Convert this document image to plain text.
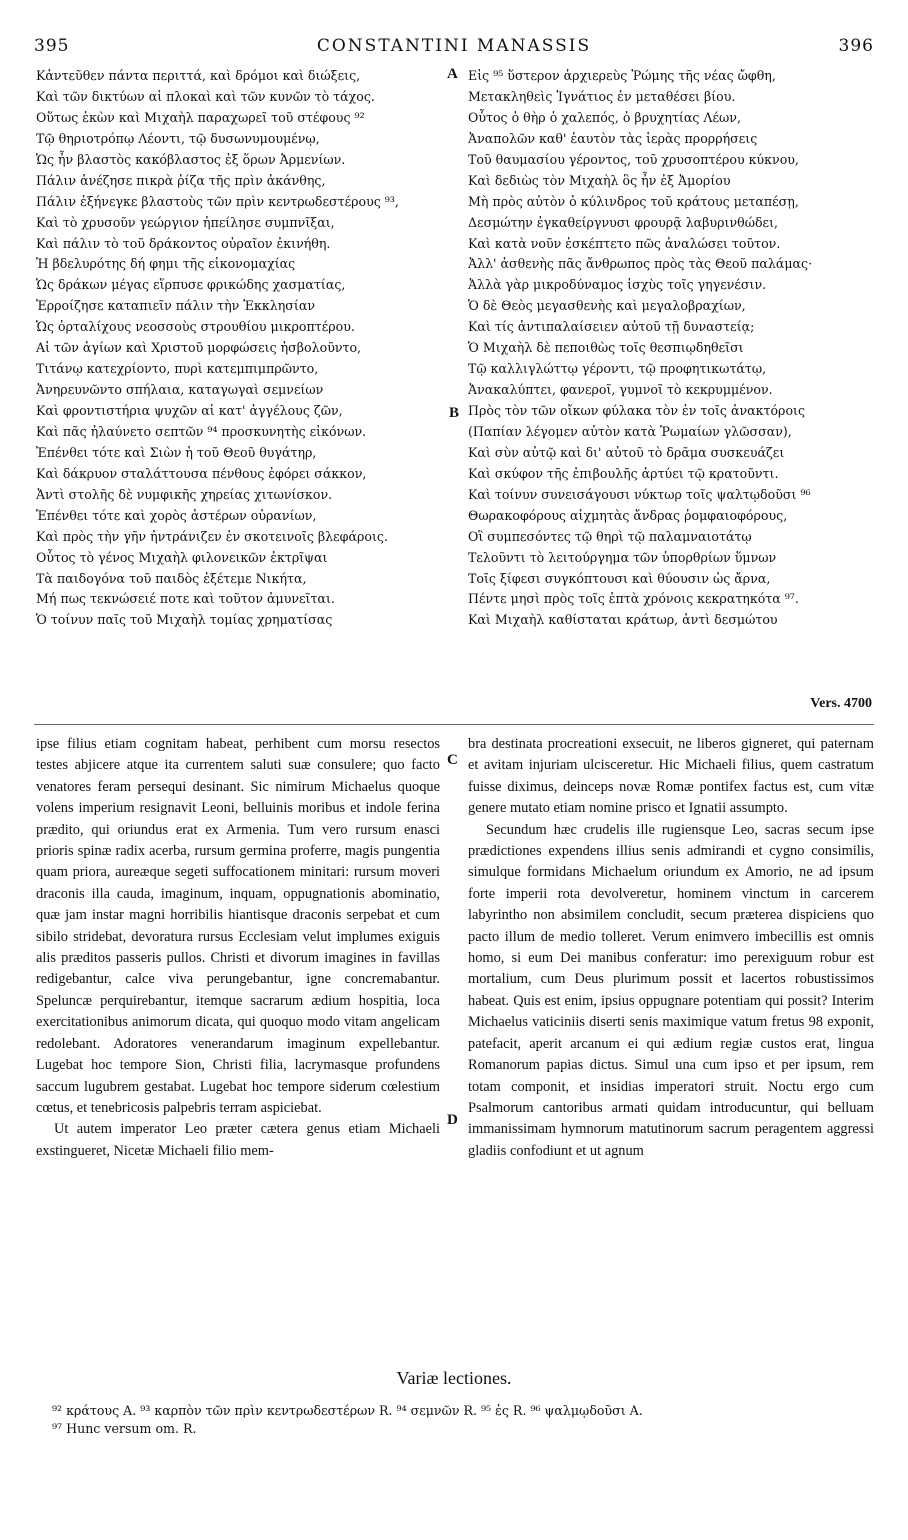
395	CONSTANTINI MANASSIS	396
Κἀντεῦθεν πάντα περιττά, καὶ δρόμοι καὶ διώξεις,
Καὶ τῶν δικτύων αἱ πλοκαὶ καὶ τῶν κυνῶν τὸ τάχος.
Οὕτως ἑκὼν καὶ Μιχαὴλ παραχωρεῖ τοῦ στέφους ⁹²
Τῷ θηριοτρόπῳ Λέοντι, τῷ δυσωνυμουμένῳ,
Ὡς ἦν βλαστὸς κακόβλαστος ἐξ ὅρων Ἀρμενίων.
Πάλιν ἀνέζησε πικρὰ ῥίζα τῆς πρὶν ἀκάνθης,
Πάλιν ἐξήνεγκε βλαστοὺς τῶν πρὶν κεντρωδεστέρους ⁹³,
Καὶ τὸ χρυσοῦν γεώργιον ἠπείλησε συμπνῖξαι,
Καὶ πάλιν τὸ τοῦ δράκοντος οὐραῖον ἐκινήθη.
Ἡ βδελυρότης δή φημι τῆς εἰκονομαχίας
Ὡς δράκων μέγας εἵρπυσε φρικώδης χασματίας,
Ἐρροίζησε καταπιεῖν πάλιν τὴν Ἐκκλησίαν
Ὡς ὀρταλίχους νεοσσοὺς στρουθίου μικροπτέρου.
Αἱ τῶν ἁγίων καὶ Χριστοῦ μορφώσεις ἠσβολοῦντο,
Τιτάνῳ κατεχρίοντο, πυρὶ κατεμπιμπρῶντο,
Ἀνηρευνῶντο σπήλαια, καταγωγαὶ σεμνείων
Καὶ φροντιστήρια ψυχῶν αἱ κατ' ἀγγέλους ζῶν,
Καὶ πᾶς ἠλαύνετο σεπτῶν ⁹⁴ προσκυνητὴς εἰκόνων.
Ἐπένθει τότε καὶ Σιὼν ἡ τοῦ Θεοῦ θυγάτηρ,
Καὶ δάκρυον σταλάττουσα πένθους ἐφόρει σάκκον,
Ἀντὶ στολῆς δὲ νυμφικῆς χηρείας χιτωνίσκον.
Ἐπένθει τότε καὶ χορὸς ἀστέρων οὐρανίων,
Καὶ πρὸς τὴν γῆν ἠντράνιζεν ἐν σκοτεινοῖς βλεφάροις.
Οὗτος τὸ γένος Μιχαὴλ φιλονεικῶν ἐκτρῖψαι
Τὰ παιδογόνα τοῦ παιδὸς ἐξέτεμε Νικήτα,
Μή πως τεκνώσειέ ποτε καὶ τοῦτον ἀμυνεῖται.
Ὁ τοίνυν παῖς τοῦ Μιχαὴλ τομίας χρηματίσας
Εἰς ⁹⁵ ὕστερον ἀρχιερεὺς Ῥώμης τῆς νέας ὤφθη,
Μετακληθεὶς Ἰγνάτιος ἐν μεταθέσει βίου.
Οὗτος ὁ θὴρ ὁ χαλεπός, ὁ βρυχητίας Λέων,
Ἀναπολῶν καθ' ἑαυτὸν τὰς ἱερὰς προρρήσεις
Τοῦ θαυμασίου γέροντος, τοῦ χρυσοπτέρου κύκνου,
Καὶ δεδιὼς τὸν Μιχαὴλ ὃς ἦν ἐξ Ἀμορίου
Μὴ πρὸς αὐτὸν ὁ κύλινδρος τοῦ κράτους μεταπέσῃ,
Δεσμώτην ἐγκαθείργνυσι φρουρᾷ λαβυρινθώδει,
Καὶ κατὰ νοῦν ἐσκέπτετο πῶς ἀναλώσει τοῦτον.
Ἀλλ' ἀσθενὴς πᾶς ἄνθρωπος πρὸς τὰς Θεοῦ παλάμας·
Ἀλλὰ γὰρ μικροδύναμος ἰσχὺς τοῖς γηγενέσιν.
Ὁ δὲ Θεὸς μεγασθενὴς καὶ μεγαλοβραχίων,
Καὶ τίς ἀντιπαλαίσειεν αὐτοῦ τῇ δυναστείᾳ;
Ὁ Μιχαὴλ δὲ πεποιθὼς τοῖς θεσπιῳδηθεῖσι
Τῷ καλλιγλώττῳ γέροντι, τῷ προφητικωτάτῳ,
Ἀνακαλύπτει, φανεροῖ, γυμνοῖ τὸ κεκρυμμένον.
Πρὸς τὸν τῶν οἴκων φύλακα τὸν ἐν τοῖς ἀνακτόροις
(Παπίαν λέγομεν αὐτὸν κατὰ Ῥωμαίων γλῶσσαν),
Καὶ σὺν αὐτῷ καὶ δι' αὐτοῦ τὸ δρᾶμα συσκευάζει
Καὶ σκύφον τῆς ἐπιβουλῆς ἀρτύει τῷ κρατοῦντι.
Καὶ τοίνυν συνεισάγουσι νύκτωρ τοῖς ψαλτῳδοῦσι ⁹⁶
Θωρακοφόρους αἰχμητὰς ἄνδρας ῥομφαιοφόρους,
Οἳ συμπεσόντες τῷ θηρὶ τῷ παλαμναιοτάτῳ
Τελοῦντι τὸ λειτούργημα τῶν ὑπορθρίων ὕμνων
Τοῖς ξίφεσι συγκόπτουσι καὶ θύουσιν ὡς ἄρνα,
Πέντε μησὶ πρὸς τοῖς ἑπτὰ χρόνοις κεκρατηκότα ⁹⁷.
Καὶ Μιχαὴλ καθίσταται κράτωρ, ἀντὶ δεσμώτου
A
B
C
D
Vers. 4700

ipse filius etiam cognitam habeat, perhibent cum morsu resectos testes abjicere atque ita currentem saluti suæ consulere; quo facto venatores feram persequi desinant. Sic nimirum Michaelus quoque volens imperium resignavit Leoni, belluinis moribus et indole ferina prædito, qui oriundus erat ex Armenia. Tum vero rursum enasci prioris spinæ radix acerba, rursum germina proferre, magis pungentia quam priora, aureæque segeti suffocationem minitari: rursum moveri draconis illa cauda, imaginum, inquam, oppugnationis abominatio, quæ jam instar magni horribilis hiantisque draconis serpebat et cum sibilo stridebat, devoratura rursus Ecclesiam velut implumes exiguis alis præditos passeris pullos. Christi et divorum imagines in favillas redigebantur, calce viva perungebantur, igne concremabantur. Speluncæ perquirebantur, itemque sacrarum ædium hospitia, loca exercitationibus animorum dicata, qui quoquo modo vitam angelicam redolebant. Adoratores venerandarum imaginum expellebantur. Lugebat hoc tempore Sion, Christi filia, lacrymasque profundens saccum lugubrem gestabat. Lugebat hoc tempore siderum cœlestium cœtus, et tenebricosis palpebris terram aspiciebat.

Ut autem imperator Leo præter cætera genus etiam Michaeli exstingueret, Nicetæ Michaeli filio mem-

bra destinata procreationi exsecuit, ne liberos gigneret, qui paternam et avitam injuriam ulcisceretur. Hic Michaeli filius, quem castratum fuisse diximus, deinceps novæ Romæ pontifex factus est, cum vitæ genere mutato etiam nomine prisco et Ignatii assumpto.

Secundum hæc crudelis ille rugiensque Leo, sacras secum ipse prædictiones expendens illius senis admirandi et cygno consimilis, simulque formidans Michaelum oriundum ex Amorio, ne ad ipsum forte imperii rota devolveretur, hominem vinctum in carcerem labyrintho non absimilem concludit, secum præterea dispiciens quo pacto illum de medio tolleret. Verum enimvero imbecillis est omnis homo, si eum Dei manibus conferatur: imo perexiguum robur est mortalium, cum Deus plurimum possit et lacertos robustissimos habeat. Quis est enim, ipsius oppugnare potentiam qui possit? Interim Michaelus vaticiniis diserti senis maximique vatum fretus 98 exponit, patefacit, aperit arcanum ei qui ædium regiæ custos erat, lingua Romanorum papias dictus. Simul una cum ipso et per ipsum, rem totam componit, et insidias imperatori struit. Noctu ergo cum Psalmorum cantoribus armati quidam introducuntur, qui belluam immanissimam hymnorum matutinorum sacrum peragentem aggressi gladiis confodiunt et ut agnum

Variæ lectiones.
⁹² κράτους A. ⁹³ καρπὸν τῶν πρὶν κεντρωδεστέρων R. ⁹⁴ σεμνῶν R. ⁹⁵ ἐς R. ⁹⁶ ψαλμῳδοῦσι A.
⁹⁷ Hunc versum om. R.
